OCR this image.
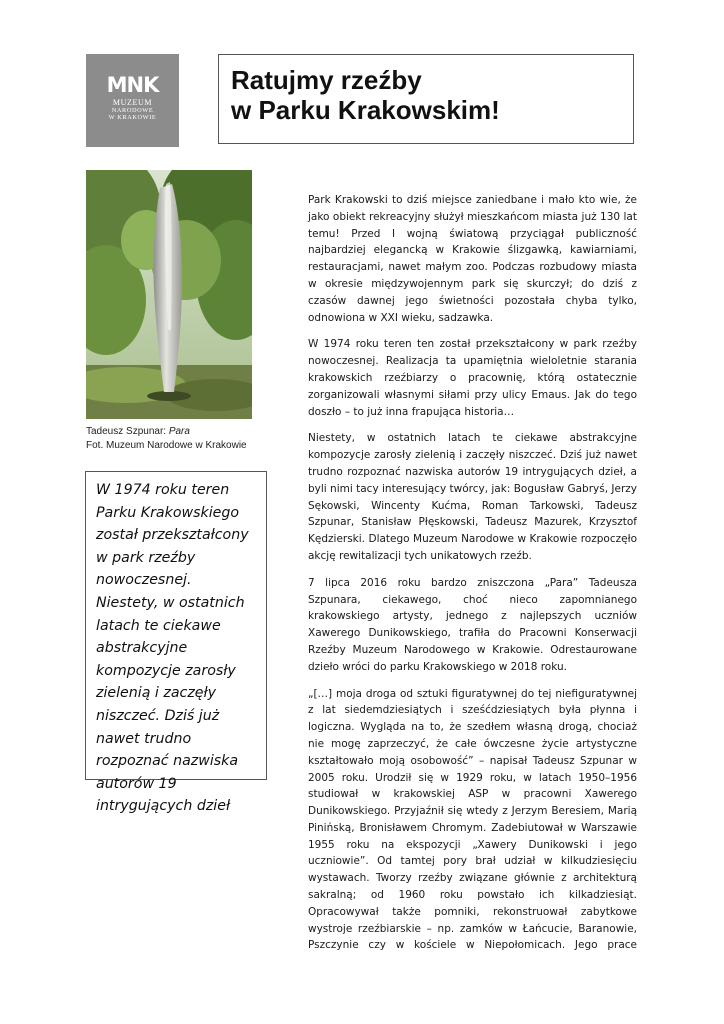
MNK
MUZEUM
NARODOWE
W KRAKOWIE
Ratujmy rzeźby
w Parku Krakowskim!
Tadeusz Szpunar: Para
Fot. Muzeum Narodowe w Krakowie

W 1974 roku teren Parku Krakowskiego został przekształcony w park rzeźby nowoczesnej. Niestety, w ostatnich latach te ciekawe abstrakcyjne kompozycje zarosły zielenią i zaczęły niszczeć. Dziś już nawet trudno rozpoznać nazwiska autorów 19 intrygujących dzieł

Park Krakowski to dziś miejsce zaniedbane i mało kto wie, że jako obiekt rekreacyjny służył mieszkańcom miasta już 130 lat temu! Przed I wojną światową przyciągał publiczność najbardziej elegancką w Krakowie ślizgawką, kawiarniami, restauracjami, nawet małym zoo. Podczas rozbudowy miasta w okresie międzywojennym park się skurczył; do dziś z czasów dawnej jego świetności pozostała chyba tylko, odnowiona w XXI wieku, sadzawka.

W 1974 roku teren ten został przekształcony w park rzeźby nowoczesnej. Realizacja ta upamiętnia wieloletnie starania krakowskich rzeźbiarzy o pracownię, którą ostatecznie zorganizowali własnymi siłami przy ulicy Emaus. Jak do tego doszło – to już inna frapująca historia…

Niestety, w ostatnich latach te ciekawe abstrakcyjne kompozycje zarosły zielenią i zaczęły niszczeć. Dziś już nawet trudno rozpoznać nazwiska autorów 19 intrygujących dzieł, a byli nimi tacy interesujący twórcy, jak: Bogusław Gabryś, Jerzy Sękowski, Wincenty Kućma, Roman Tarkowski, Tadeusz Szpunar, Stanisław Płęskowski, Tadeusz Mazurek, Krzysztof Kędzierski. Dlatego Muzeum Narodowe w Krakowie rozpoczęło akcję rewitalizacji tych unikatowych rzeźb.

7 lipca 2016 roku bardzo zniszczona „Para” Tadeusza Szpunara, ciekawego, choć nieco zapomnianego krakowskiego artysty, jednego z najlepszych uczniów Xawerego Dunikowskiego, trafiła do Pracowni Konserwacji Rzeźby Muzeum Narodowego w Krakowie. Odrestaurowane dzieło wróci do parku Krakowskiego w 2018 roku.

„[…] moja droga od sztuki figuratywnej do tej niefiguratywnej z lat siedemdziesiątych i sześćdziesiątych była płynna i logiczna. Wygląda na to, że szedłem własną drogą, chociaż nie mogę zaprzeczyć, że całe ówczesne życie artystyczne kształtowało moją osobowość” – napisał Tadeusz Szpunar w 2005 roku. Urodził się w 1929 roku, w latach 1950–1956 studiował w krakowskiej ASP w pracowni Xawerego Dunikowskiego. Przyjaźnił się wtedy z Jerzym Beresiem, Marią Pinińską, Bronisławem Chromym. Zadebiutował w Warszawie 1955 roku na ekspozycji „Xawery Dunikowski i jego uczniowie”. Od tamtej pory brał udział w kilkudziesięciu wystawach. Tworzy rzeźby związane głównie z architekturą sakralną; od 1960 roku powstało ich kilkadziesiąt. Opracowywał także pomniki, rekonstruował zabytkowe wystroje rzeźbiarskie – np. zamków w Łańcucie, Baranowie, Pszczynie czy w kościele w Niepołomicach. Jego prace
